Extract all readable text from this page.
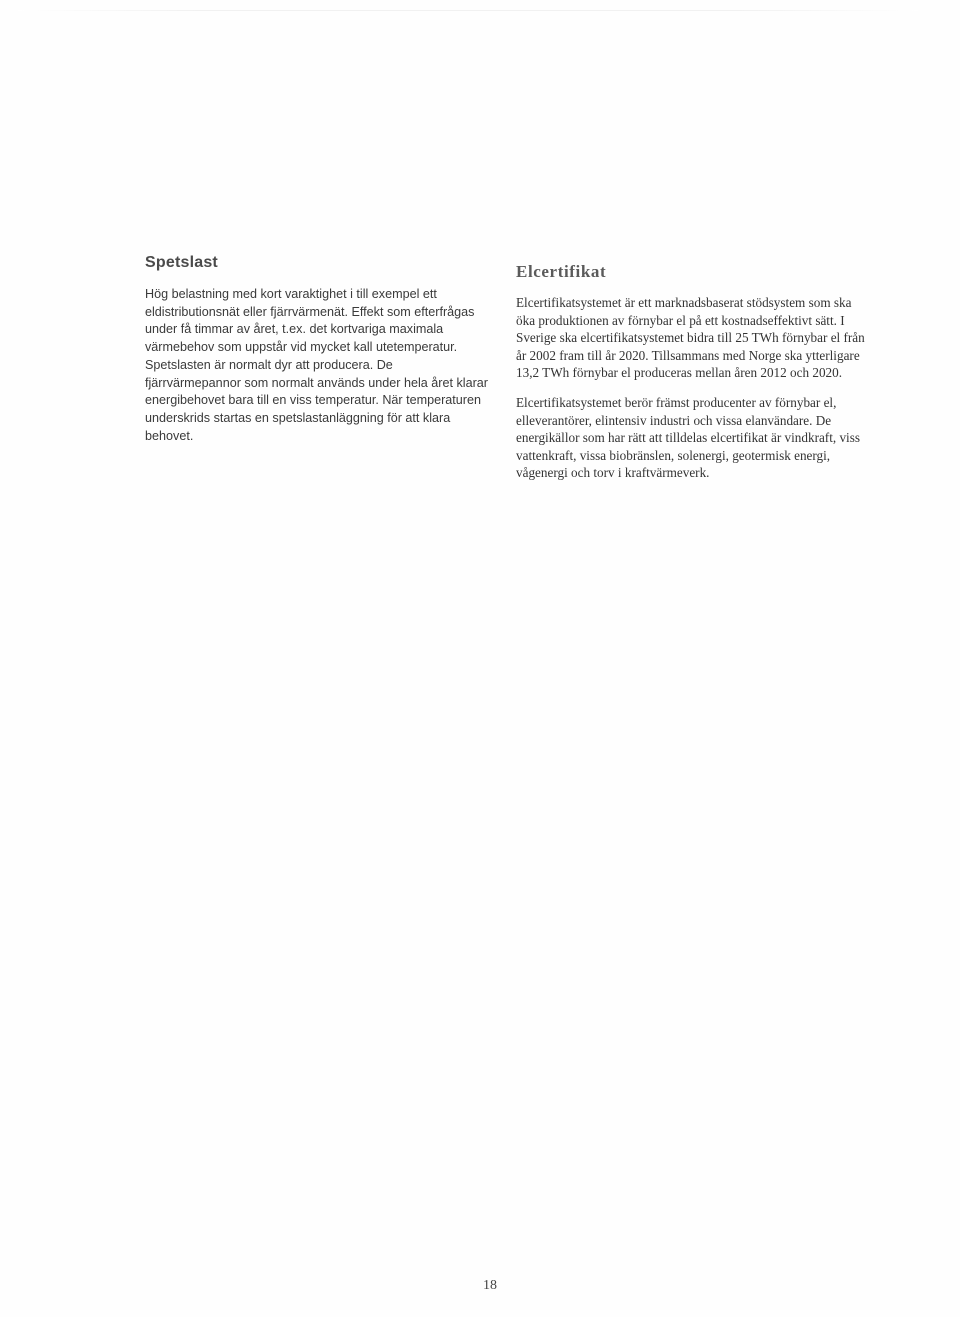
Spetslast

Hög belastning med kort varaktighet i till exempel ett eldistributionsnät eller fjärrvärmenät. Effekt som efterfrågas under få timmar av året, t.ex. det kortvariga maximala värmebehov som uppstår vid mycket kall utetemperatur. Spetslasten är normalt dyr att producera. De fjärrvärmepannor som normalt används under hela året klarar energibehovet bara till en viss temperatur. När temperaturen underskrids startas en spetslastanläggning för att klara behovet.

Elcertifikat

Elcertifikatsystemet är ett marknadsbaserat stödsystem som ska öka produktionen av förnybar el på ett kostnadseffektivt sätt. I Sverige ska elcertifikatsystemet bidra till 25 TWh förnybar el från år 2002 fram till år 2020. Tillsammans med Norge ska ytterligare 13,2 TWh förnybar el produceras mellan åren 2012 och 2020.

Elcertifikatsystemet berör främst producenter av förnybar el, elleverantörer, elintensiv industri och vissa elanvändare. De energikällor som har rätt att tilldelas elcertifikat är vindkraft, viss vattenkraft, vissa biobränslen, solenergi, geotermisk energi, vågenergi och torv i kraftvärmeverk.

18
